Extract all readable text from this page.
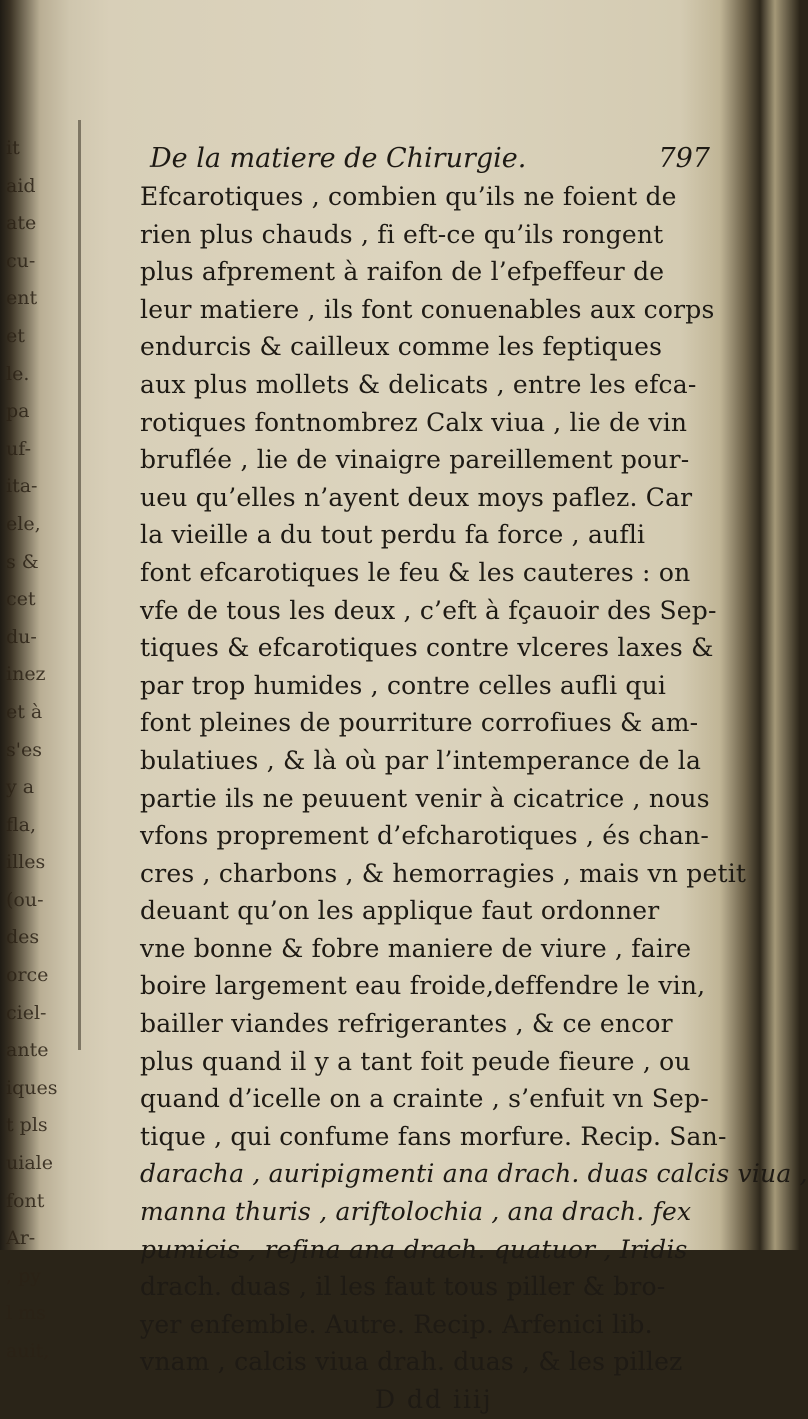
it
aid
ate
cu-
ent
et
le.
pa
uf-
ita-
ele,
s &
cet
du-
inez
et à
s'es
y a
fla,
illes
(ou-
des
orce
ciel-
ante
iques
t pls
uiale
font
Ar-
, py
l ms
auit,
De la matiere de Chirurgie.	797
Efcarotiques , combien qu’ils ne foient de
rien plus chauds , fi eft-ce qu’ils rongent
plus afprement à raifon de l’efpeffeur de
leur matiere , ils font conuenables aux corps
endurcis & cailleux comme les feptiques
aux plus mollets & delicats , entre les efca-
rotiques fontnombrez Calx viua , lie de vin
bruflée , lie de vinaigre pareillement pour-
ueu qu’elles n’ayent deux moys paflez. Car
la vieille a du tout perdu fa force , aufli
font efcarotiques le feu & les cauteres : on
vfe de tous les deux , c’eft à fçauoir des Sep-
tiques & efcarotiques contre vlceres laxes &
par trop humides , contre celles aufli qui
font pleines de pourriture corrofiues & am-
bulatiues , & là où par l’intemperance de la
partie ils ne peuuent venir à cicatrice , nous
vfons proprement d’efcharotiques , és chan-
cres , charbons , & hemorragies , mais vn petit
deuant qu’on les applique faut ordonner
vne bonne & fobre maniere de viure , faire
boire largement eau froide,deffendre le vin,
bailler viandes refrigerantes , & ce encor
plus quand il y a tant foit peude fieure , ou
quand d’icelle on a crainte , s’enfuit vn Sep-
tique , qui confume fans morfure. Recip. San-
daracha , auripigmenti ana drach. duas calcis viua ,
manna thuris , ariftolochia , ana drach. fex
pumicis , refina ana drach. quatuor , Iridis
drach. duas , il les faut tous piller & bro-
yer enfemble. Autre. Recip. Arfenici lib.
vnam , calcis viua drah. duas , & les pillez
D dd iiij
